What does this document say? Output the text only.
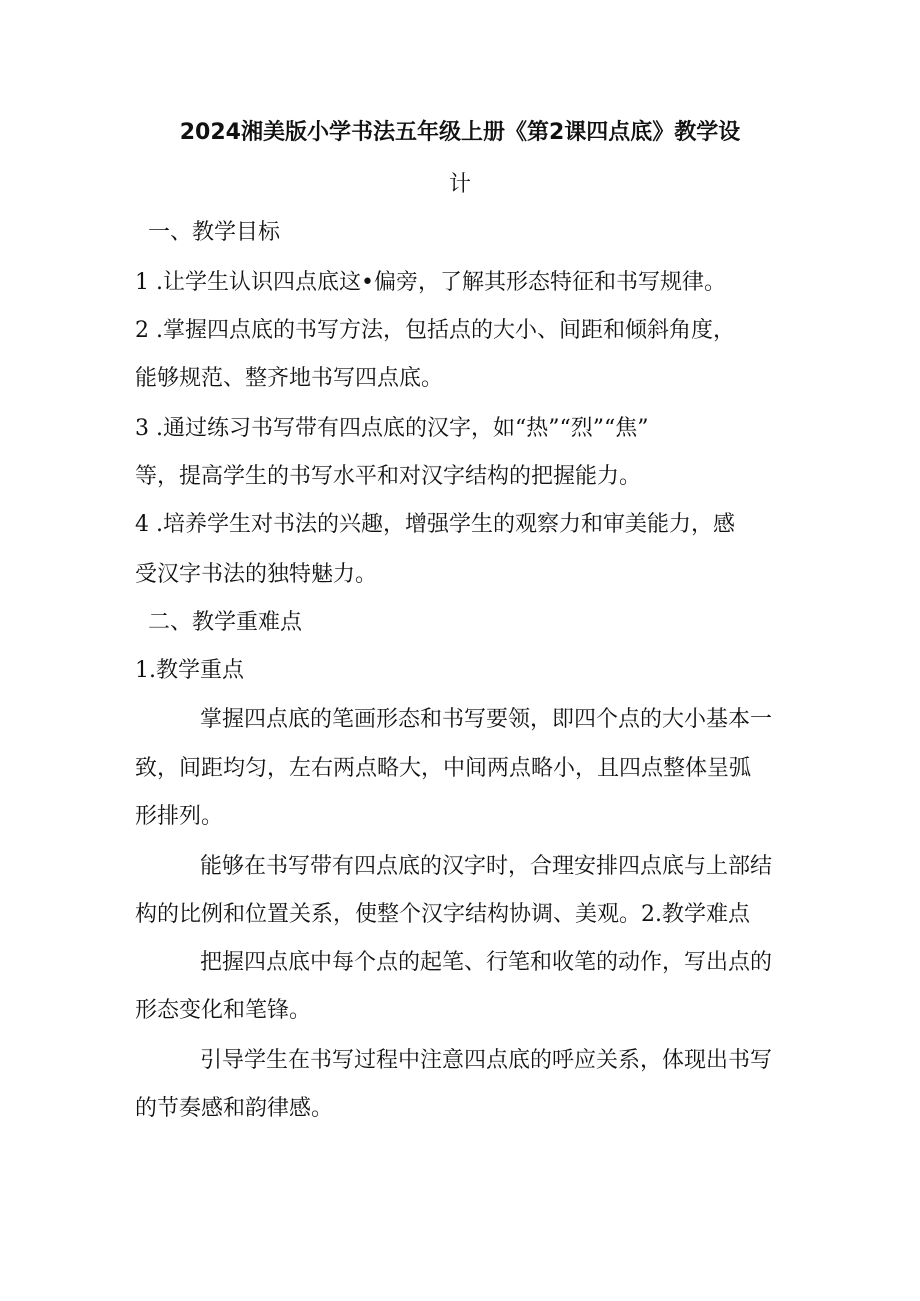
2024湘美版小学书法五年级上册《第2课四点底》教学设
计

一、教学目标

1 .让学生认识四点底这•偏旁，了解其形态特征和书写规律。

2 .掌握四点底的书写方法，包括点的大小、间距和倾斜角度，

能够规范、整齐地书写四点底。

3 .通过练习书写带有四点底的汉字，如“热”“烈”“焦”

等，提高学生的书写水平和对汉字结构的把握能力。

4 .培养学生对书法的兴趣，增强学生的观察力和审美能力，感

受汉字书法的独特魅力。

二、教学重难点

1.教学重点

掌握四点底的笔画形态和书写要领，即四个点的大小基本一

致，间距均匀，左右两点略大，中间两点略小，且四点整体呈弧

形排列。

能够在书写带有四点底的汉字时，合理安排四点底与上部结

构的比例和位置关系，使整个汉字结构协调、美观。2.教学难点

把握四点底中每个点的起笔、行笔和收笔的动作，写出点的

形态变化和笔锋。

引导学生在书写过程中注意四点底的呼应关系，体现出书写

的节奏感和韵律感。
